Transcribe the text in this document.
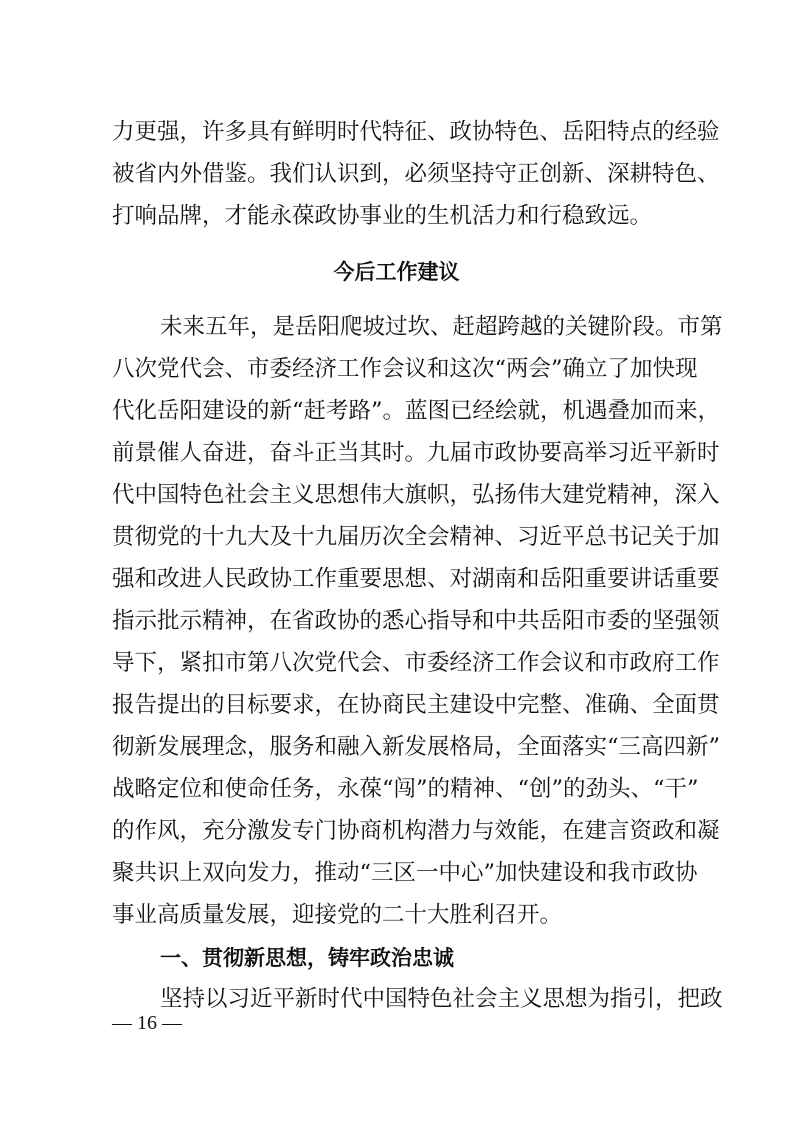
力更强，许多具有鲜明时代特征、政协特色、岳阳特点的经验
被省内外借鉴。我们认识到，必须坚持守正创新、深耕特色、
打响品牌，才能永葆政协事业的生机活力和行稳致远。
今后工作建议
未来五年，是岳阳爬坡过坎、赶超跨越的关键阶段。市第
八次党代会、市委经济工作会议和这次“两会”确立了加快现
代化岳阳建设的新“赶考路”。蓝图已经绘就，机遇叠加而来，
前景催人奋进，奋斗正当其时。九届市政协要高举习近平新时
代中国特色社会主义思想伟大旗帜，弘扬伟大建党精神，深入
贯彻党的十九大及十九届历次全会精神、习近平总书记关于加
强和改进人民政协工作重要思想、对湖南和岳阳重要讲话重要
指示批示精神，在省政协的悉心指导和中共岳阳市委的坚强领
导下，紧扣市第八次党代会、市委经济工作会议和市政府工作
报告提出的目标要求，在协商民主建设中完整、准确、全面贯
彻新发展理念，服务和融入新发展格局，全面落实“三高四新”
战略定位和使命任务，永葆“闯”的精神、“创”的劲头、“干”
的作风，充分激发专门协商机构潜力与效能，在建言资政和凝
聚共识上双向发力，推动“三区一中心”加快建设和我市政协
事业高质量发展，迎接党的二十大胜利召开。
一、贯彻新思想，铸牢政治忠诚
坚持以习近平新时代中国特色社会主义思想为指引，把政
— 16 —
